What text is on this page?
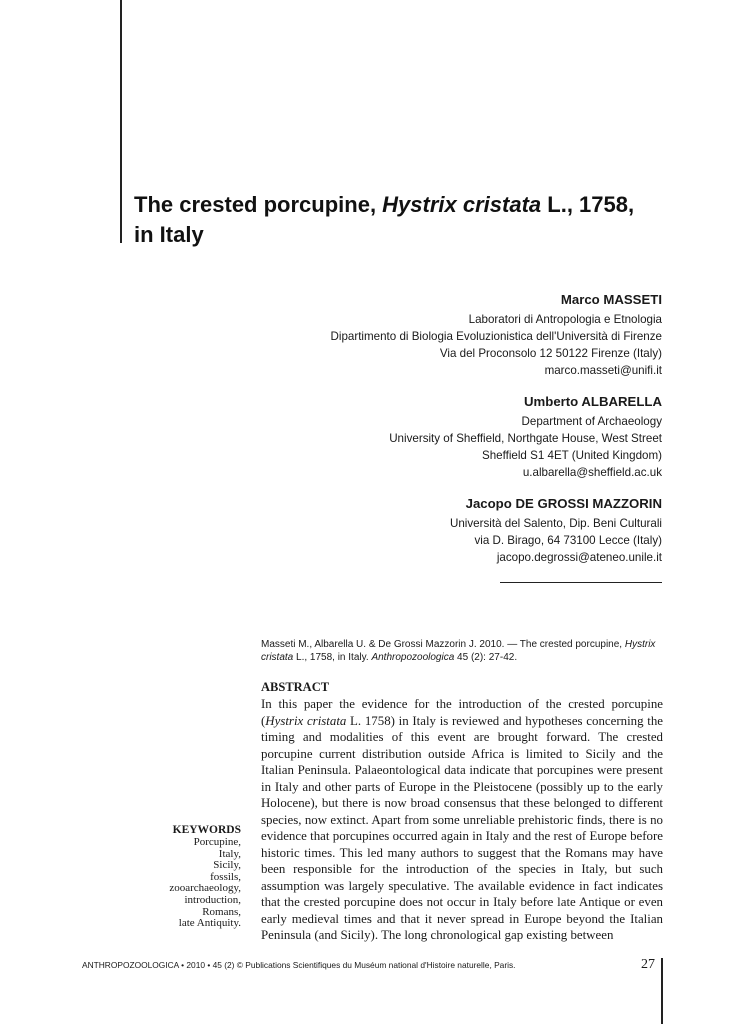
The crested porcupine, Hystrix cristata L., 1758,
in Italy
Marco MASSETI
Laboratori di Antropologia e Etnologia
Dipartimento di Biologia Evoluzionistica dell'Università di Firenze
Via del Proconsolo 12 50122 Firenze (Italy)
marco.masseti@unifi.it
Umberto ALBARELLA
Department of Archaeology
University of Sheffield, Northgate House, West Street
Sheffield S1 4ET (United Kingdom)
u.albarella@sheffield.ac.uk
Jacopo DE GROSSI MAZZORIN
Università del Salento, Dip. Beni Culturali
via D. Birago, 64 73100 Lecce (Italy)
jacopo.degrossi@ateneo.unile.it
Masseti M., Albarella U. & De Grossi Mazzorin J. 2010. — The crested porcupine, Hystrix cristata L., 1758, in Italy. Anthropozoologica 45 (2): 27-42.
ABSTRACT

In this paper the evidence for the introduction of the crested porcupine (Hystrix cristata L. 1758) in Italy is reviewed and hypotheses concerning the timing and modalities of this event are brought forward. The crested porcupine current distribution outside Africa is limited to Sicily and the Italian Peninsula. Palaeontological data indicate that porcupines were present in Italy and other parts of Europe in the Pleistocene (possibly up to the early Holocene), but there is now broad consensus that these belonged to different species, now extinct. Apart from some unreliable prehistoric finds, there is no evidence that porcupines occurred again in Italy and the rest of Europe before historic times. This led many authors to suggest that the Romans may have been responsible for the introduction of the species in Italy, but such assumption was largely speculative. The available evidence in fact indicates that the crested porcupine does not occur in Italy before late Antique or even early medieval times and that it never spread in Europe beyond the Italian Peninsula (and Sicily). The long chronological gap existing between

KEYWORDS
Porcupine,
Italy,
Sicily,
fossils,
zooarchaeology,
introduction,
Romans,
late Antiquity.
ANTHROPOZOOLOGICA • 2010 • 45 (2) © Publications Scientifiques du Muséum national d'Histoire naturelle, Paris.	27
